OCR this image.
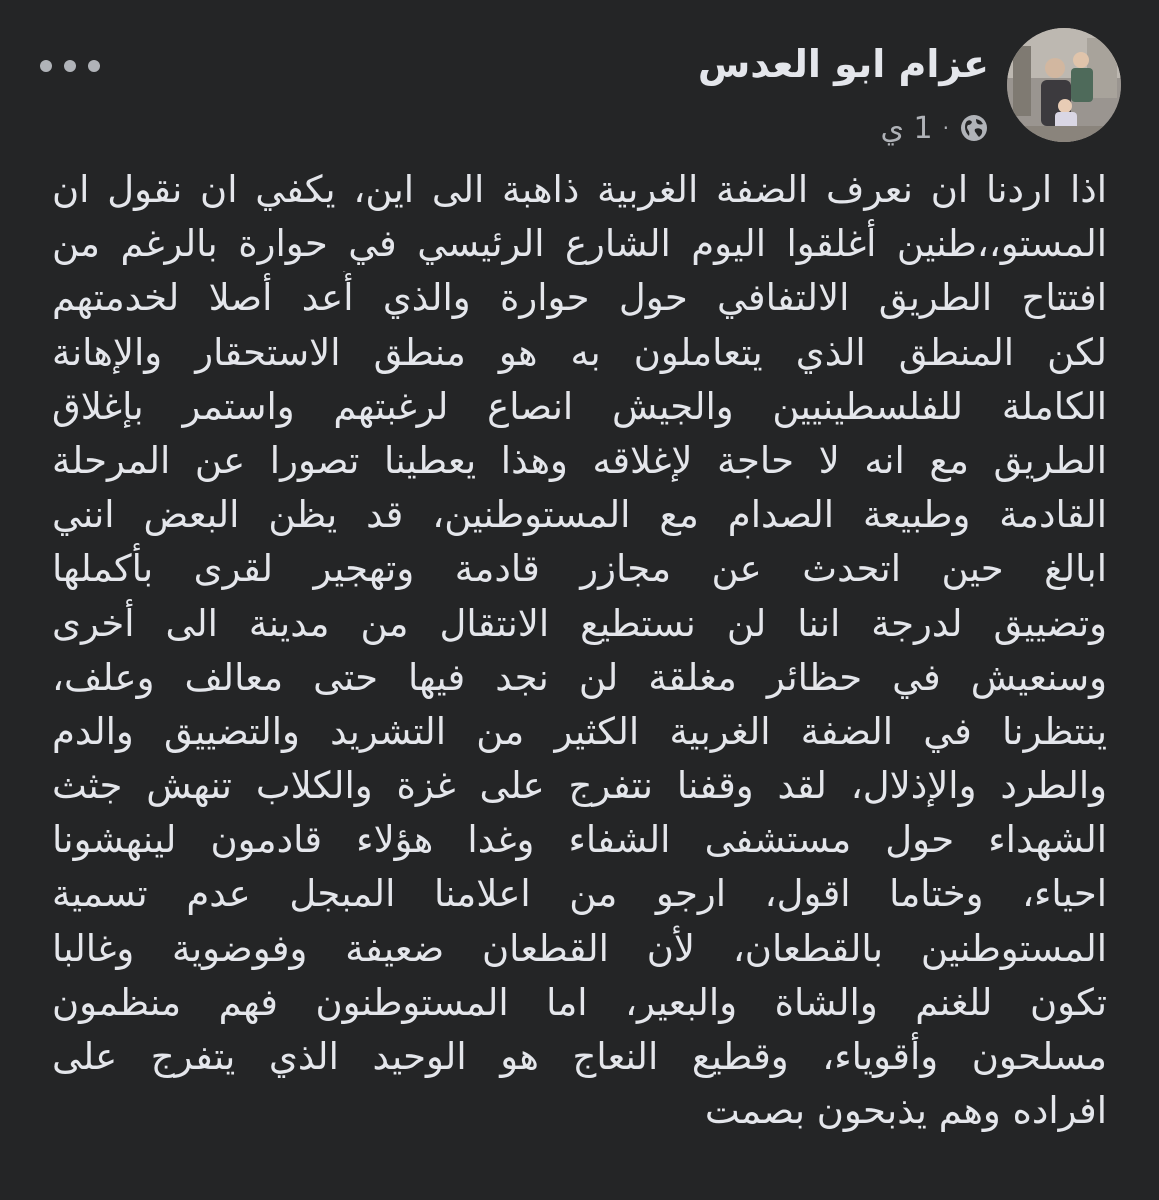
عزام ابو العدس
1 ي ·
اذا اردنا ان نعرف الضفة الغربية ذاهبة الى اين، يكفي ان نقول ان
المستو،،طنين أغلقوا اليوم الشارع الرئيسي في حوارة بالرغم من
افتتاح الطريق الالتفافي حول حوارة والذي أُعد أصلا لخدمتهم
لكن المنطق الذي يتعاملون به هو منطق الاستحقار والإهانة
الكاملة للفلسطينيين والجيش انصاع لرغبتهم واستمر بإغلاق
الطريق مع انه لا حاجة لإغلاقه وهذا يعطينا تصورا عن المرحلة
القادمة وطبيعة الصدام مع المستوطنين، قد يظن البعض انني
ابالغ حين اتحدث عن مجازر قادمة وتهجير لقرى بأكملها
وتضييق لدرجة اننا لن نستطيع الانتقال من مدينة الى أخرى
وسنعيش في حظائر مغلقة لن نجد فيها حتى معالف وعلف،
ينتظرنا في الضفة الغربية الكثير من التشريد والتضييق والدم
والطرد والإذلال، لقد وقفنا نتفرج على غزة والكلاب تنهش جثث
الشهداء حول مستشفى الشفاء وغدا هؤلاء قادمون لينهشونا
احياء، وختاما اقول، ارجو من اعلامنا المبجل عدم تسمية
المستوطنين بالقطعان، لأن القطعان ضعيفة وفوضوية وغالبا
تكون للغنم والشاة والبعير، اما المستوطنون فهم منظمون
مسلحون وأقوياء، وقطيع النعاج هو الوحيد الذي يتفرج على
افراده وهم يذبحون بصمت
